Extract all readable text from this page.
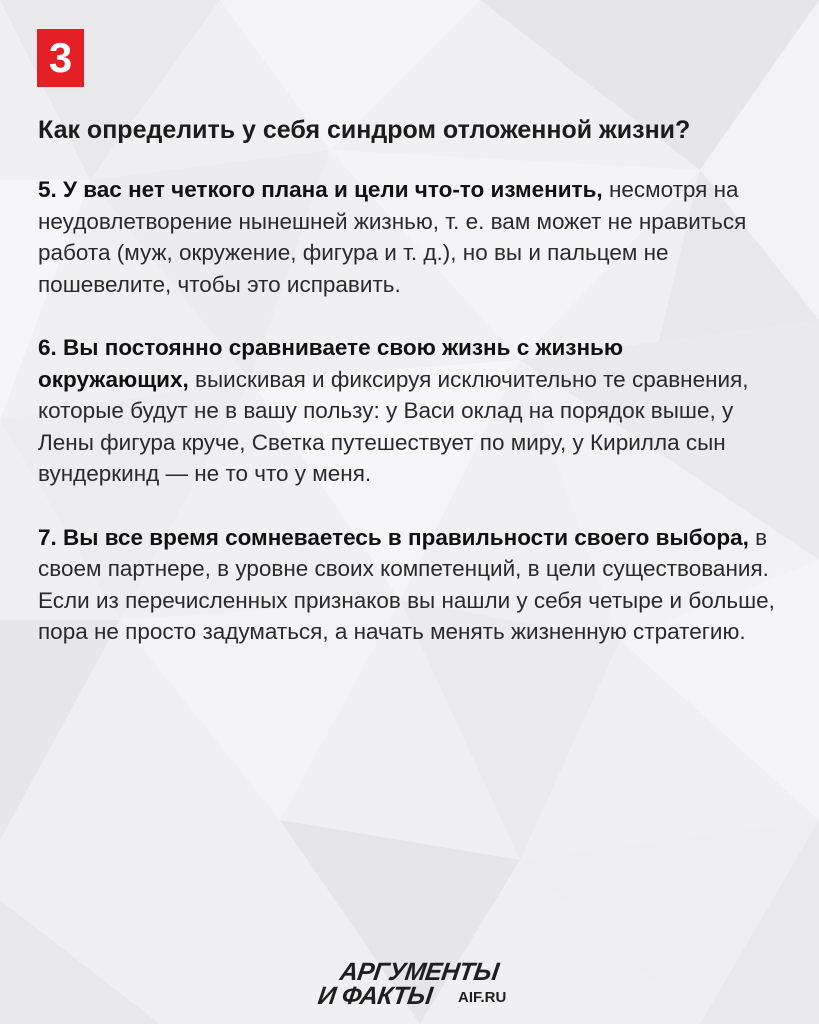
3
Как определить у себя синдром отложенной жизни?

5. У вас нет четкого плана и цели что-то изменить, несмотря на неудовлетворение нынешней жизнью, т. е. вам может не нравиться работа (муж, окружение, фигура и т. д.), но вы и пальцем не пошевелите, чтобы это исправить.

6. Вы постоянно сравниваете свою жизнь с жизнью окружающих, выискивая и фиксируя исключительно те сравнения, которые будут не в вашу пользу: у Васи оклад на порядок выше, у Лены фигура круче, Светка путешествует по миру, у Кирилла сын вундеркинд — не то что у меня.

7. Вы все время сомневаетесь в правильности своего выбора, в своем партнере, в уровне своих компетенций, в цели существования.

Если из перечисленных признаков вы нашли у себя четыре и больше, пора не просто задуматься, а начать менять жизненную стратегию.

АРГУМЕНТЫ
И ФАКТЫ AIF.RU
